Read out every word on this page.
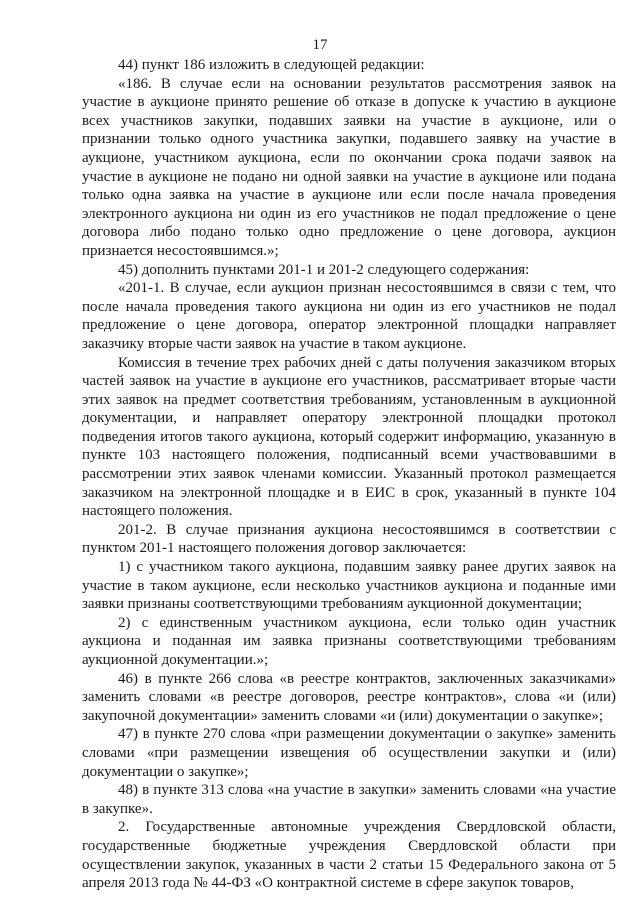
17

44) пункт 186 изложить в следующей редакции:

«186. В случае если на основании результатов рассмотрения заявок на участие в аукционе принято решение об отказе в допуске к участию в аукционе всех участников закупки, подавших заявки на участие в аукционе, или о признании только одного участника закупки, подавшего заявку на участие в аукционе, участником аукциона, если по окончании срока подачи заявок на участие в аукционе не подано ни одной заявки на участие в аукционе или подана только одна заявка на участие в аукционе или если после начала проведения электронного аукциона ни один из его участников не подал предложение о цене договора либо подано только одно предложение о цене договора, аукцион признается несостоявшимся.»;

45) дополнить пунктами 201-1 и 201-2 следующего содержания:

«201-1. В случае, если аукцион признан несостоявшимся в связи с тем, что после начала проведения такого аукциона ни один из его участников не подал предложение о цене договора, оператор электронной площадки направляет заказчику вторые части заявок на участие в таком аукционе.

Комиссия в течение трех рабочих дней с даты получения заказчиком вторых частей заявок на участие в аукционе его участников, рассматривает вторые части этих заявок на предмет соответствия требованиям, установленным в аукционной документации, и направляет оператору электронной площадки протокол подведения итогов такого аукциона, который содержит информацию, указанную в пункте 103 настоящего положения, подписанный всеми участвовавшими в рассмотрении этих заявок членами комиссии. Указанный протокол размещается заказчиком на электронной площадке и в ЕИС в срок, указанный в пункте 104 настоящего положения.

201-2. В случае признания аукциона несостоявшимся в соответствии с пунктом 201-1 настоящего положения договор заключается:

1) с участником такого аукциона, подавшим заявку ранее других заявок на участие в таком аукционе, если несколько участников аукциона и поданные ими заявки признаны соответствующими требованиям аукционной документации;

2) с единственным участником аукциона, если только один участник аукциона и поданная им заявка признаны соответствующими требованиям аукционной документации.»;

46) в пункте 266 слова «в реестре контрактов, заключенных заказчиками» заменить словами «в реестре договоров, реестре контрактов», слова «и (или) закупочной документации» заменить словами «и (или) документации о закупке»;

47) в пункте 270 слова «при размещении документации о закупке» заменить словами «при размещении извещения об осуществлении закупки и (или) документации о закупке»;

48) в пункте 313 слова «на участие в закупки» заменить словами «на участие в закупке».

2. Государственные автономные учреждения Свердловской области, государственные бюджетные учреждения Свердловской области при осуществлении закупок, указанных в части 2 статьи 15 Федерального закона от 5 апреля 2013 года № 44-ФЗ «О контрактной системе в сфере закупок товаров,
